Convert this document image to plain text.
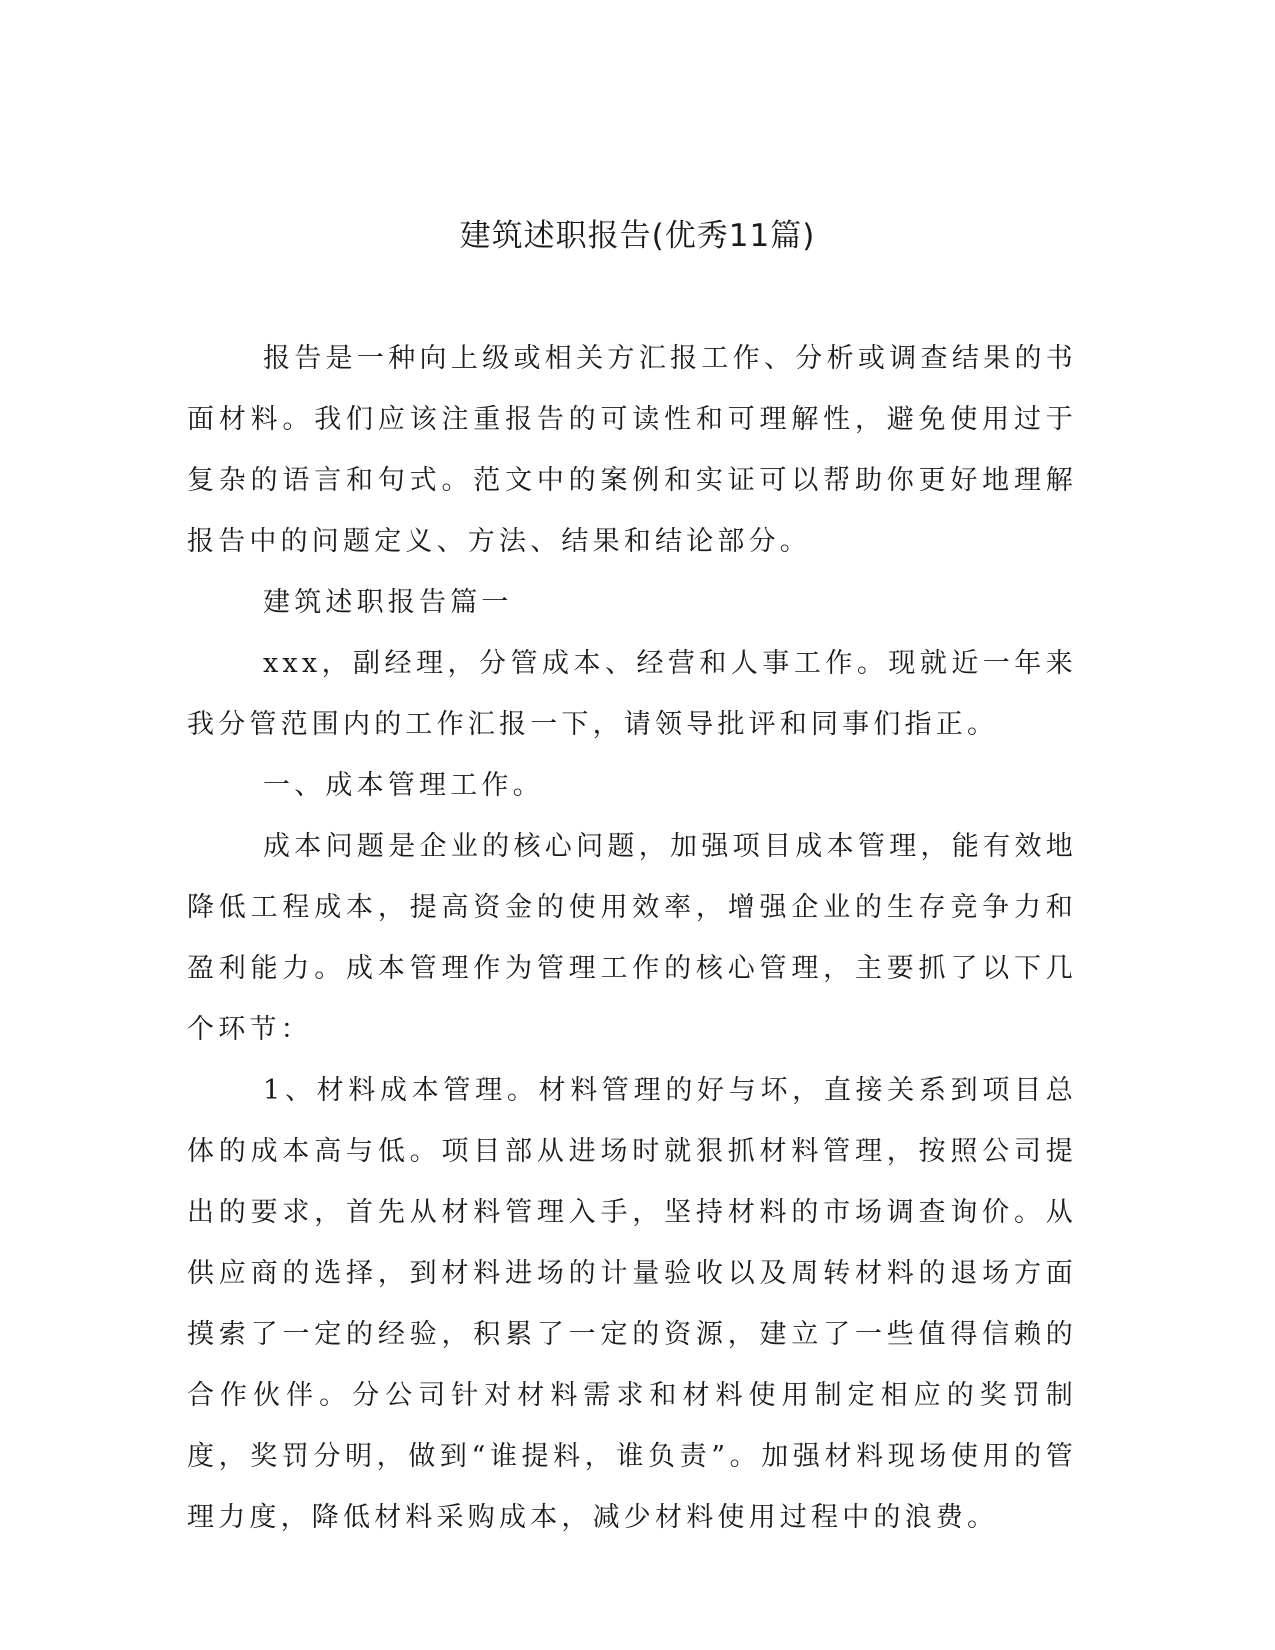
建筑述职报告(优秀11篇)

报告是一种向上级或相关方汇报工作、分析或调查结果的书面材料。我们应该注重报告的可读性和可理解性，避免使用过于复杂的语言和句式。范文中的案例和实证可以帮助你更好地理解报告中的问题定义、方法、结果和结论部分。

建筑述职报告篇一

xxx，副经理，分管成本、经营和人事工作。现就近一年来我分管范围内的工作汇报一下，请领导批评和同事们指正。

一、成本管理工作。

成本问题是企业的核心问题，加强项目成本管理，能有效地降低工程成本，提高资金的使用效率，增强企业的生存竞争力和盈利能力。成本管理作为管理工作的核心管理，主要抓了以下几个环节：

1、材料成本管理。材料管理的好与坏，直接关系到项目总体的成本高与低。项目部从进场时就狠抓材料管理，按照公司提出的要求，首先从材料管理入手，坚持材料的市场调查询价。从供应商的选择，到材料进场的计量验收以及周转材料的退场方面摸索了一定的经验，积累了一定的资源，建立了一些值得信赖的合作伙伴。分公司针对材料需求和材料使用制定相应的奖罚制度，奖罚分明，做到“谁提料，谁负责”。加强材料现场使用的管理力度，降低材料采购成本，减少材料使用过程中的浪费。
